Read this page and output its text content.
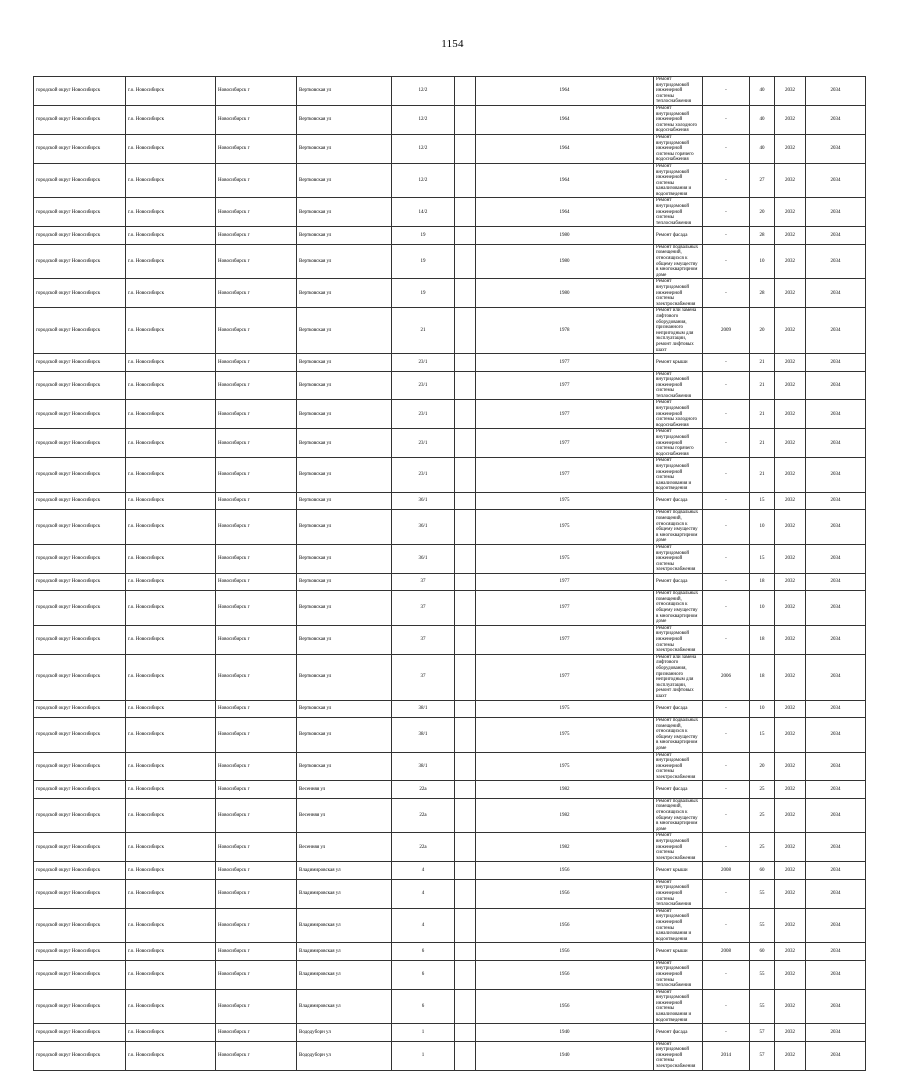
1154
городской округ Новосибирск	г.о. Новосибирск	Новосибирск г	Вертковская ул	12/2		1964	Ремонт внутридомовой инженерной системы теплоснабжения	-	40	2032	2034
городской округ Новосибирск	г.о. Новосибирск	Новосибирск г	Вертковская ул	12/2		1964	Ремонт внутридомовой инженерной системы холодного водоснабжения	-	40	2032	2034
городской округ Новосибирск	г.о. Новосибирск	Новосибирск г	Вертковская ул	12/2		1964	Ремонт внутридомовой инженерной системы горячего водоснабжения	-	40	2032	2034
городской округ Новосибирск	г.о. Новосибирск	Новосибирск г	Вертковская ул	12/2		1964	Ремонт внутридомовой инженерной системы канализования и водоотведения	-	27	2032	2034
городской округ Новосибирск	г.о. Новосибирск	Новосибирск г	Вертковская ул	14/2		1964	Ремонт внутридомовой инженерной системы теплоснабжения	-	20	2032	2034
городской округ Новосибирск	г.о. Новосибирск	Новосибирск г	Вертковская ул	19		1980	Ремонт фасада	-	28	2032	2034
городской округ Новосибирск	г.о. Новосибирск	Новосибирск г	Вертковская ул	19		1980	Ремонт подвальных помещений, относящихся к общему имуществу в многоквартирном доме	-	10	2032	2034
городской округ Новосибирск	г.о. Новосибирск	Новосибирск г	Вертковская ул	19		1980	Ремонт внутридомовой инженерной системы электроснабжения	-	28	2032	2034
городской округ Новосибирск	г.о. Новосибирск	Новосибирск г	Вертковская ул	21		1978	Ремонт или замена лифтового оборудования, признанного непригодным для эксплуатации, ремонт лифтовых шахт	2009	20	2032	2034
городской округ Новосибирск	г.о. Новосибирск	Новосибирск г	Вертковская ул	23/1		1977	Ремонт крыши	-	21	2032	2034
городской округ Новосибирск	г.о. Новосибирск	Новосибирск г	Вертковская ул	23/1		1977	Ремонт внутридомовой инженерной системы теплоснабжения	-	21	2032	2034
городской округ Новосибирск	г.о. Новосибирск	Новосибирск г	Вертковская ул	23/1		1977	Ремонт внутридомовой инженерной системы холодного водоснабжения	-	21	2032	2034
городской округ Новосибирск	г.о. Новосибирск	Новосибирск г	Вертковская ул	23/1		1977	Ремонт внутридомовой инженерной системы горячего водоснабжения	-	21	2032	2034
городской округ Новосибирск	г.о. Новосибирск	Новосибирск г	Вертковская ул	23/1		1977	Ремонт внутридомовой инженерной системы канализования и водоотведения	-	21	2032	2034
городской округ Новосибирск	г.о. Новосибирск	Новосибирск г	Вертковская ул	36/1		1975	Ремонт фасада	-	15	2032	2034
городской округ Новосибирск	г.о. Новосибирск	Новосибирск г	Вертковская ул	36/1		1975	Ремонт подвальных помещений, относящихся к общему имуществу в многоквартирном доме	-	10	2032	2034
городской округ Новосибирск	г.о. Новосибирск	Новосибирск г	Вертковская ул	36/1		1975	Ремонт внутридомовой инженерной системы электроснабжения	-	15	2032	2034
городской округ Новосибирск	г.о. Новосибирск	Новосибирск г	Вертковская ул	37		1977	Ремонт фасада	-	18	2032	2034
городской округ Новосибирск	г.о. Новосибирск	Новосибирск г	Вертковская ул	37		1977	Ремонт подвальных помещений, относящихся к общему имуществу в многоквартирном доме	-	10	2032	2034
городской округ Новосибирск	г.о. Новосибирск	Новосибирск г	Вертковская ул	37		1977	Ремонт внутридомовой инженерной системы электроснабжения	-	18	2032	2034
городской округ Новосибирск	г.о. Новосибирск	Новосибирск г	Вертковская ул	37		1977	Ремонт или замена лифтового оборудования, признанного непригодным для эксплуатации, ремонт лифтовых шахт	2006	18	2032	2034
городской округ Новосибирск	г.о. Новосибирск	Новосибирск г	Вертковская ул	38/1		1975	Ремонт фасада	-	10	2032	2034
городской округ Новосибирск	г.о. Новосибирск	Новосибирск г	Вертковская ул	38/1		1975	Ремонт подвальных помещений, относящихся к общему имуществу в многоквартирном доме	-	15	2032	2034
городской округ Новосибирск	г.о. Новосибирск	Новосибирск г	Вертковская ул	38/1		1975	Ремонт внутридомовой инженерной системы электроснабжения	-	20	2032	2034
городской округ Новосибирск	г.о. Новосибирск	Новосибирск г	Весенняя ул	22а		1982	Ремонт фасада	-	25	2032	2034
городской округ Новосибирск	г.о. Новосибирск	Новосибирск г	Весенняя ул	22а		1982	Ремонт подвальных помещений, относящихся к общему имуществу в многоквартирном доме	-	25	2032	2034
городской округ Новосибирск	г.о. Новосибирск	Новосибирск г	Весенняя ул	22а		1982	Ремонт внутридомовой инженерной системы электроснабжения	-	25	2032	2034
городской округ Новосибирск	г.о. Новосибирск	Новосибирск г	Владимировская ул	4		1956	Ремонт крыши	2008	60	2032	2034
городской округ Новосибирск	г.о. Новосибирск	Новосибирск г	Владимировская ул	4		1956	Ремонт внутридомовой инженерной системы теплоснабжения	-	55	2032	2034
городской округ Новосибирск	г.о. Новосибирск	Новосибирск г	Владимировская ул	4		1956	Ремонт внутридомовой инженерной системы канализования и водоотведения	-	55	2032	2034
городской округ Новосибирск	г.о. Новосибирск	Новосибирск г	Владимировская ул	6		1956	Ремонт крыши	2008	60	2032	2034
городской округ Новосибирск	г.о. Новосибирск	Новосибирск г	Владимировская ул	6		1956	Ремонт внутридомовой инженерной системы теплоснабжения	-	55	2032	2034
городской округ Новосибирск	г.о. Новосибирск	Новосибирск г	Владимировская ул	6		1956	Ремонт внутридомовой инженерной системы канализования и водоотведения	-	55	2032	2034
городской округ Новосибирск	г.о. Новосибирск	Новосибирск г	Вододуборн ул	1		1940	Ремонт фасада	-	57	2032	2034
городской округ Новосибирск	г.о. Новосибирск	Новосибирск г	Вододуборн ул	1		1940	Ремонт внутридомовой инженерной системы электроснабжения	2014	57	2032	2034
